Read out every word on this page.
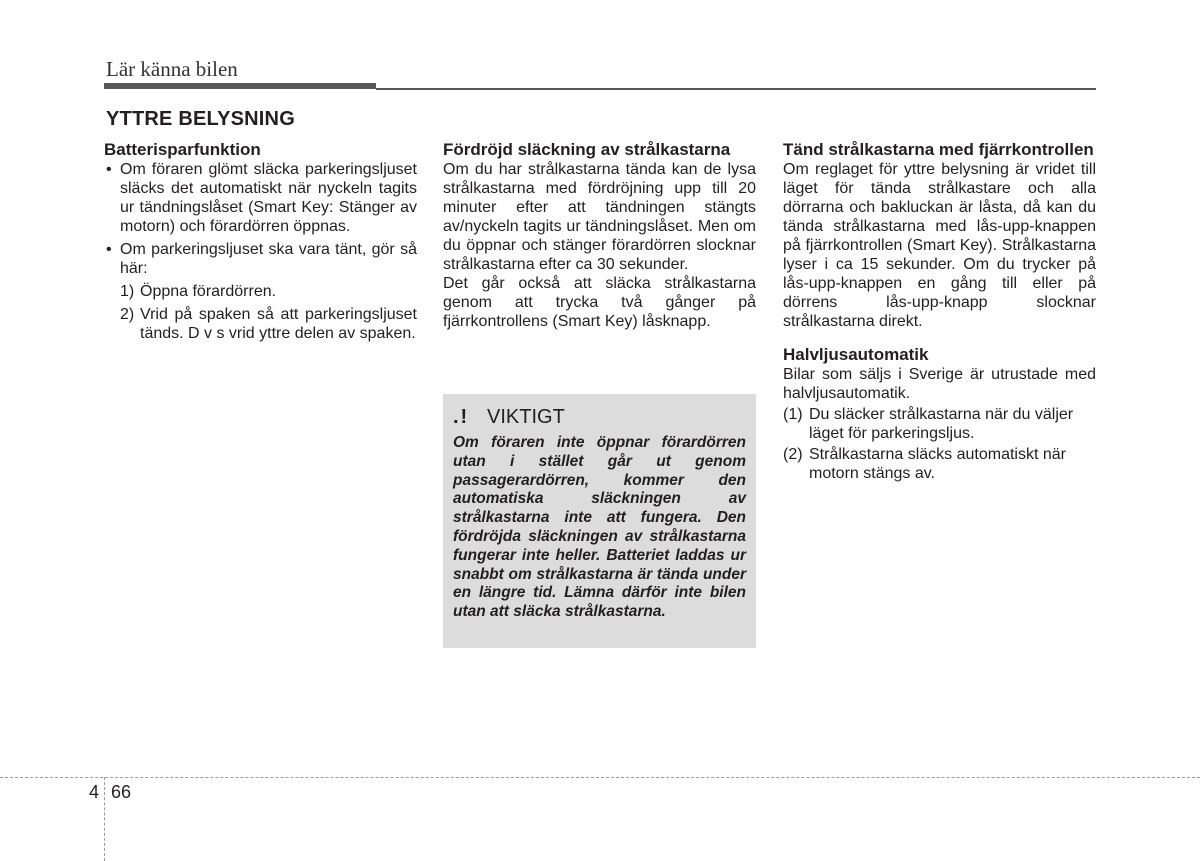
Lär känna bilen
YTTRE BELYSNING
Batterisparfunktion
• Om föraren glömt släcka parkeringsljuset släcks det automatiskt när nyckeln tagits ur tändningslåset (Smart Key: Stänger av motorn) och förardörren öppnas.
• Om parkeringsljuset ska vara tänt, gör så här:
1) Öppna förardörren.
2) Vrid på spaken så att parkeringsljuset tänds. D v s vrid yttre delen av spaken.
Fördröjd släckning av strålkastarna

Om du har strålkastarna tända kan de lysa strålkastarna med fördröjning upp till 20 minuter efter att tändningen stängts av/nyckeln tagits ur tändningslåset. Men om du öppnar och stänger förardörren slocknar strålkastarna efter ca 30 sekunder.

Det går också att släcka strålkastarna genom att trycka två gånger på fjärrkontrollens (Smart Key) låsknapp.

.! VIKTIGT

Om föraren inte öppnar förardörren utan i stället går ut genom passagerardörren, kommer den automatiska släckningen av strålkastarna inte att fungera. Den fördröjda släckningen av strålkastarna fungerar inte heller. Batteriet laddas ur snabbt om strålkastarna är tända under en längre tid. Lämna därför inte bilen utan att släcka strålkastarna.

Tänd strålkastarna med fjärrkontrollen

Om reglaget för yttre belysning är vridet till läget för tända strålkastare och alla dörrarna och bakluckan är låsta, då kan du tända strålkastarna med lås-upp-knappen på fjärrkontrollen (Smart Key). Strålkastarna lyser i ca 15 sekunder. Om du trycker på lås-upp-knappen en gång till eller på dörrens lås-upp-knapp slocknar strålkastarna direkt.

Halvljusautomatik

Bilar som säljs i Sverige är utrustade med halvljusautomatik.

(1) Du släcker strålkastarna när du väljer läget för parkeringsljus.
(2) Strålkastarna släcks automatiskt när motorn stängs av.
4 66
